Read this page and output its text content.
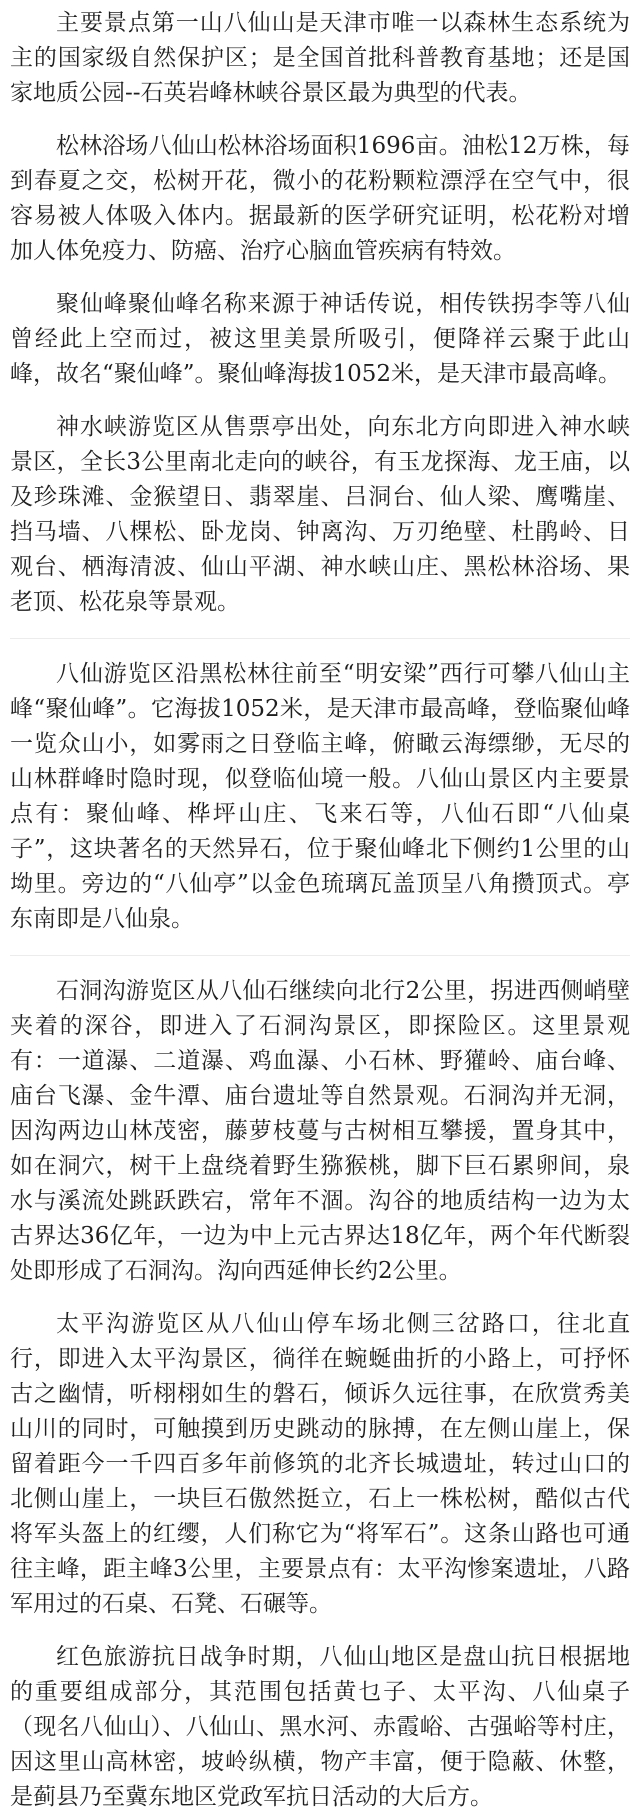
主要景点第一山八仙山是天津市唯一以森林生态系统为主的国家级自然保护区；是全国首批科普教育基地；还是国家地质公园--石英岩峰林峡谷景区最为典型的代表。

松林浴场八仙山松林浴场面积1696亩。油松12万株，每到春夏之交，松树开花，微小的花粉颗粒漂浮在空气中，很容易被人体吸入体内。据最新的医学研究证明，松花粉对增加人体免疫力、防癌、治疗心脑血管疾病有特效。

聚仙峰聚仙峰名称来源于神话传说，相传铁拐李等八仙曾经此上空而过，被这里美景所吸引，便降祥云聚于此山峰，故名“聚仙峰”。聚仙峰海拔1052米，是天津市最高峰。

神水峡游览区从售票亭出处，向东北方向即进入神水峡景区，全长3公里南北走向的峡谷，有玉龙探海、龙王庙，以及珍珠滩、金猴望日、翡翠崖、吕洞台、仙人梁、鹰嘴崖、挡马墙、八棵松、卧龙岗、钟离沟、万刃绝壁、杜鹃岭、日观台、栖海清波、仙山平湖、神水峡山庄、黑松林浴场、果老顶、松花泉等景观。

八仙游览区沿黑松林往前至“明安梁”西行可攀八仙山主峰“聚仙峰”。它海拔1052米，是天津市最高峰，登临聚仙峰一览众山小，如雾雨之日登临主峰，俯瞰云海缥缈，无尽的山林群峰时隐时现，似登临仙境一般。八仙山景区内主要景点有：聚仙峰、桦坪山庄、飞来石等，八仙石即“八仙桌子”，这块著名的天然异石，位于聚仙峰北下侧约1公里的山坳里。旁边的“八仙亭”以金色琉璃瓦盖顶呈八角攒顶式。亭东南即是八仙泉。

石洞沟游览区从八仙石继续向北行2公里，拐进西侧峭壁夹着的深谷，即进入了石洞沟景区，即探险区。这里景观有：一道瀑、二道瀑、鸡血瀑、小石林、野獾岭、庙台峰、庙台飞瀑、金牛潭、庙台遗址等自然景观。石洞沟并无洞，因沟两边山林茂密，藤萝枝蔓与古树相互攀援，置身其中，如在洞穴，树干上盘绕着野生猕猴桃，脚下巨石累卵间，泉水与溪流处跳跃跌宕，常年不涸。沟谷的地质结构一边为太古界达36亿年，一边为中上元古界达18亿年，两个年代断裂处即形成了石洞沟。沟向西延伸长约2公里。

太平沟游览区从八仙山停车场北侧三岔路口，往北直行，即进入太平沟景区，徜徉在蜿蜒曲折的小路上，可抒怀古之幽情，听栩栩如生的磐石，倾诉久远往事，在欣赏秀美山川的同时，可触摸到历史跳动的脉搏，在左侧山崖上，保留着距今一千四百多年前修筑的北齐长城遗址，转过山口的北侧山崖上，一块巨石傲然挺立，石上一株松树，酷似古代将军头盔上的红缨，人们称它为“将军石”。这条山路也可通往主峰，距主峰3公里，主要景点有：太平沟惨案遗址，八路军用过的石桌、石凳、石碾等。

红色旅游抗日战争时期，八仙山地区是盘山抗日根据地的重要组成部分，其范围包括黄乜子、太平沟、八仙桌子（现名八仙山）、八仙山、黑水河、赤霞峪、古强峪等村庄，因这里山高林密，坡岭纵横，物产丰富，便于隐蔽、休整，是蓟县乃至冀东地区党政军抗日活动的大后方。
